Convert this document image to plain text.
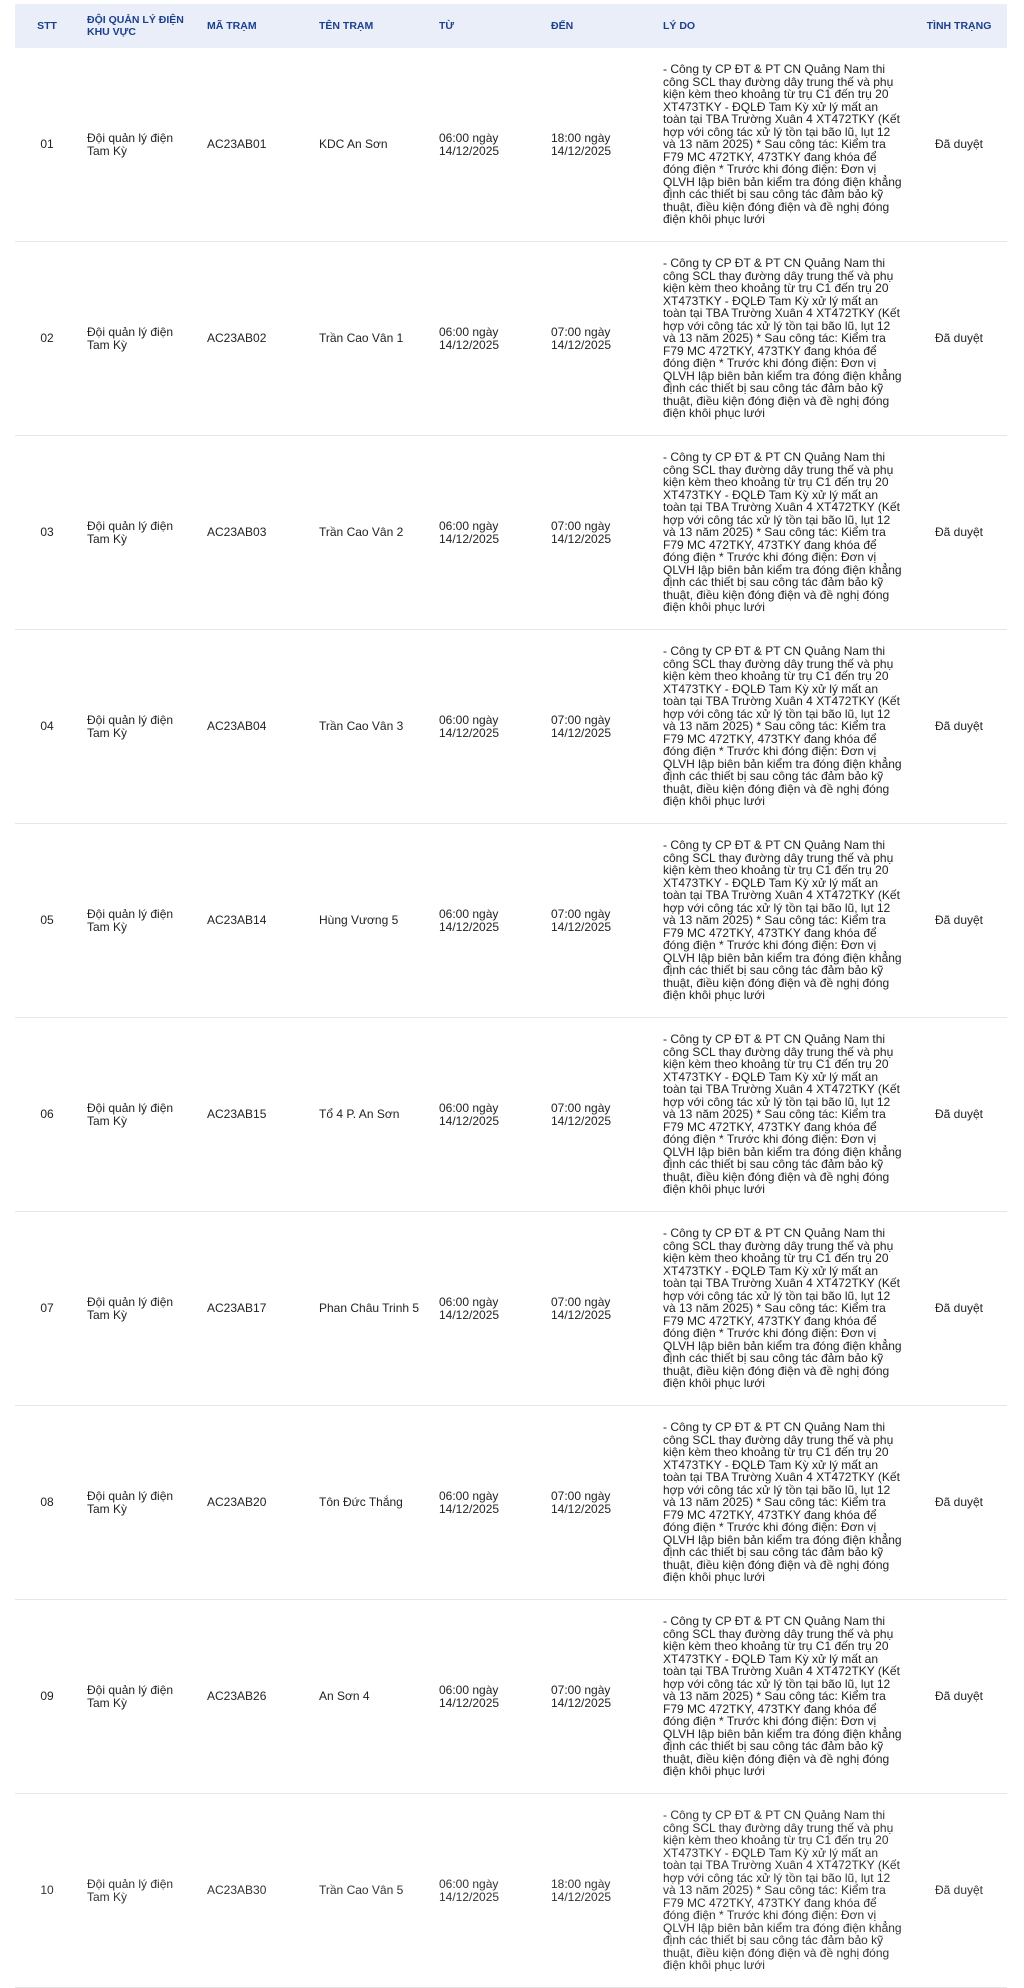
STT	ĐỘI QUẢN LÝ ĐIỆN KHU VỰC	MÃ TRẠM	TÊN TRẠM	TỪ	ĐẾN	LÝ DO	TÌNH TRẠNG
01	Đội quản lý điện Tam Kỳ	AC23AB01	KDC An Sơn	06:00 ngày 14/12/2025	18:00 ngày 14/12/2025	- Công ty CP ĐT & PT CN Quảng Nam thi công SCL thay đường dây trung thế và phụ kiện kèm theo khoảng từ trụ C1 đến trụ 20 XT473TKY - ĐQLĐ Tam Kỳ xử lý mất an toàn tại TBA Trường Xuân 4 XT472TKY (Kết hợp với công tác xử lý tồn tại bão lũ, lụt 12 và 13 năm 2025) * Sau công tác: Kiểm tra F79 MC 472TKY, 473TKY đang khóa để đóng điện * Trước khi đóng điện: Đơn vị QLVH lập biên bản kiểm tra đóng điện khẳng định các thiết bị sau công tác đảm bảo kỹ thuật, điều kiện đóng điện và đề nghị đóng điện khôi phục lưới	Đã duyệt
02	Đội quản lý điện Tam Kỳ	AC23AB02	Trần Cao Vân 1	06:00 ngày 14/12/2025	07:00 ngày 14/12/2025	- Công ty CP ĐT & PT CN Quảng Nam thi công SCL thay đường dây trung thế và phụ kiện kèm theo khoảng từ trụ C1 đến trụ 20 XT473TKY - ĐQLĐ Tam Kỳ xử lý mất an toàn tại TBA Trường Xuân 4 XT472TKY (Kết hợp với công tác xử lý tồn tại bão lũ, lụt 12 và 13 năm 2025) * Sau công tác: Kiểm tra F79 MC 472TKY, 473TKY đang khóa để đóng điện * Trước khi đóng điện: Đơn vị QLVH lập biên bản kiểm tra đóng điện khẳng định các thiết bị sau công tác đảm bảo kỹ thuật, điều kiện đóng điện và đề nghị đóng điện khôi phục lưới	Đã duyệt
03	Đội quản lý điện Tam Kỳ	AC23AB03	Trần Cao Vân 2	06:00 ngày 14/12/2025	07:00 ngày 14/12/2025	- Công ty CP ĐT & PT CN Quảng Nam thi công SCL thay đường dây trung thế và phụ kiện kèm theo khoảng từ trụ C1 đến trụ 20 XT473TKY - ĐQLĐ Tam Kỳ xử lý mất an toàn tại TBA Trường Xuân 4 XT472TKY (Kết hợp với công tác xử lý tồn tại bão lũ, lụt 12 và 13 năm 2025) * Sau công tác: Kiểm tra F79 MC 472TKY, 473TKY đang khóa để đóng điện * Trước khi đóng điện: Đơn vị QLVH lập biên bản kiểm tra đóng điện khẳng định các thiết bị sau công tác đảm bảo kỹ thuật, điều kiện đóng điện và đề nghị đóng điện khôi phục lưới	Đã duyệt
04	Đội quản lý điện Tam Kỳ	AC23AB04	Trần Cao Vân 3	06:00 ngày 14/12/2025	07:00 ngày 14/12/2025	- Công ty CP ĐT & PT CN Quảng Nam thi công SCL thay đường dây trung thế và phụ kiện kèm theo khoảng từ trụ C1 đến trụ 20 XT473TKY - ĐQLĐ Tam Kỳ xử lý mất an toàn tại TBA Trường Xuân 4 XT472TKY (Kết hợp với công tác xử lý tồn tại bão lũ, lụt 12 và 13 năm 2025) * Sau công tác: Kiểm tra F79 MC 472TKY, 473TKY đang khóa để đóng điện * Trước khi đóng điện: Đơn vị QLVH lập biên bản kiểm tra đóng điện khẳng định các thiết bị sau công tác đảm bảo kỹ thuật, điều kiện đóng điện và đề nghị đóng điện khôi phục lưới	Đã duyệt
05	Đội quản lý điện Tam Kỳ	AC23AB14	Hùng Vương 5	06:00 ngày 14/12/2025	07:00 ngày 14/12/2025	- Công ty CP ĐT & PT CN Quảng Nam thi công SCL thay đường dây trung thế và phụ kiện kèm theo khoảng từ trụ C1 đến trụ 20 XT473TKY - ĐQLĐ Tam Kỳ xử lý mất an toàn tại TBA Trường Xuân 4 XT472TKY (Kết hợp với công tác xử lý tồn tại bão lũ, lụt 12 và 13 năm 2025) * Sau công tác: Kiểm tra F79 MC 472TKY, 473TKY đang khóa để đóng điện * Trước khi đóng điện: Đơn vị QLVH lập biên bản kiểm tra đóng điện khẳng định các thiết bị sau công tác đảm bảo kỹ thuật, điều kiện đóng điện và đề nghị đóng điện khôi phục lưới	Đã duyệt
06	Đội quản lý điện Tam Kỳ	AC23AB15	Tổ 4 P. An Sơn	06:00 ngày 14/12/2025	07:00 ngày 14/12/2025	- Công ty CP ĐT & PT CN Quảng Nam thi công SCL thay đường dây trung thế và phụ kiện kèm theo khoảng từ trụ C1 đến trụ 20 XT473TKY - ĐQLĐ Tam Kỳ xử lý mất an toàn tại TBA Trường Xuân 4 XT472TKY (Kết hợp với công tác xử lý tồn tại bão lũ, lụt 12 và 13 năm 2025) * Sau công tác: Kiểm tra F79 MC 472TKY, 473TKY đang khóa để đóng điện * Trước khi đóng điện: Đơn vị QLVH lập biên bản kiểm tra đóng điện khẳng định các thiết bị sau công tác đảm bảo kỹ thuật, điều kiện đóng điện và đề nghị đóng điện khôi phục lưới	Đã duyệt
07	Đội quản lý điện Tam Kỳ	AC23AB17	Phan Châu Trinh 5	06:00 ngày 14/12/2025	07:00 ngày 14/12/2025	- Công ty CP ĐT & PT CN Quảng Nam thi công SCL thay đường dây trung thế và phụ kiện kèm theo khoảng từ trụ C1 đến trụ 20 XT473TKY - ĐQLĐ Tam Kỳ xử lý mất an toàn tại TBA Trường Xuân 4 XT472TKY (Kết hợp với công tác xử lý tồn tại bão lũ, lụt 12 và 13 năm 2025) * Sau công tác: Kiểm tra F79 MC 472TKY, 473TKY đang khóa để đóng điện * Trước khi đóng điện: Đơn vị QLVH lập biên bản kiểm tra đóng điện khẳng định các thiết bị sau công tác đảm bảo kỹ thuật, điều kiện đóng điện và đề nghị đóng điện khôi phục lưới	Đã duyệt
08	Đội quản lý điện Tam Kỳ	AC23AB20	Tôn Đức Thắng	06:00 ngày 14/12/2025	07:00 ngày 14/12/2025	- Công ty CP ĐT & PT CN Quảng Nam thi công SCL thay đường dây trung thế và phụ kiện kèm theo khoảng từ trụ C1 đến trụ 20 XT473TKY - ĐQLĐ Tam Kỳ xử lý mất an toàn tại TBA Trường Xuân 4 XT472TKY (Kết hợp với công tác xử lý tồn tại bão lũ, lụt 12 và 13 năm 2025) * Sau công tác: Kiểm tra F79 MC 472TKY, 473TKY đang khóa để đóng điện * Trước khi đóng điện: Đơn vị QLVH lập biên bản kiểm tra đóng điện khẳng định các thiết bị sau công tác đảm bảo kỹ thuật, điều kiện đóng điện và đề nghị đóng điện khôi phục lưới	Đã duyệt
09	Đội quản lý điện Tam Kỳ	AC23AB26	An Sơn 4	06:00 ngày 14/12/2025	07:00 ngày 14/12/2025	- Công ty CP ĐT & PT CN Quảng Nam thi công SCL thay đường dây trung thế và phụ kiện kèm theo khoảng từ trụ C1 đến trụ 20 XT473TKY - ĐQLĐ Tam Kỳ xử lý mất an toàn tại TBA Trường Xuân 4 XT472TKY (Kết hợp với công tác xử lý tồn tại bão lũ, lụt 12 và 13 năm 2025) * Sau công tác: Kiểm tra F79 MC 472TKY, 473TKY đang khóa để đóng điện * Trước khi đóng điện: Đơn vị QLVH lập biên bản kiểm tra đóng điện khẳng định các thiết bị sau công tác đảm bảo kỹ thuật, điều kiện đóng điện và đề nghị đóng điện khôi phục lưới	Đã duyệt
10	Đội quản lý điện Tam Kỳ	AC23AB30	Trần Cao Vân 5	06:00 ngày 14/12/2025	18:00 ngày 14/12/2025	- Công ty CP ĐT & PT CN Quảng Nam thi công SCL thay đường dây trung thế và phụ kiện kèm theo khoảng từ trụ C1 đến trụ 20 XT473TKY - ĐQLĐ Tam Kỳ xử lý mất an toàn tại TBA Trường Xuân 4 XT472TKY (Kết hợp với công tác xử lý tồn tại bão lũ, lụt 12 và 13 năm 2025) * Sau công tác: Kiểm tra F79 MC 472TKY, 473TKY đang khóa để đóng điện * Trước khi đóng điện: Đơn vị QLVH lập biên bản kiểm tra đóng điện khẳng định các thiết bị sau công tác đảm bảo kỹ thuật, điều kiện đóng điện và đề nghị đóng điện khôi phục lưới	Đã duyệt
